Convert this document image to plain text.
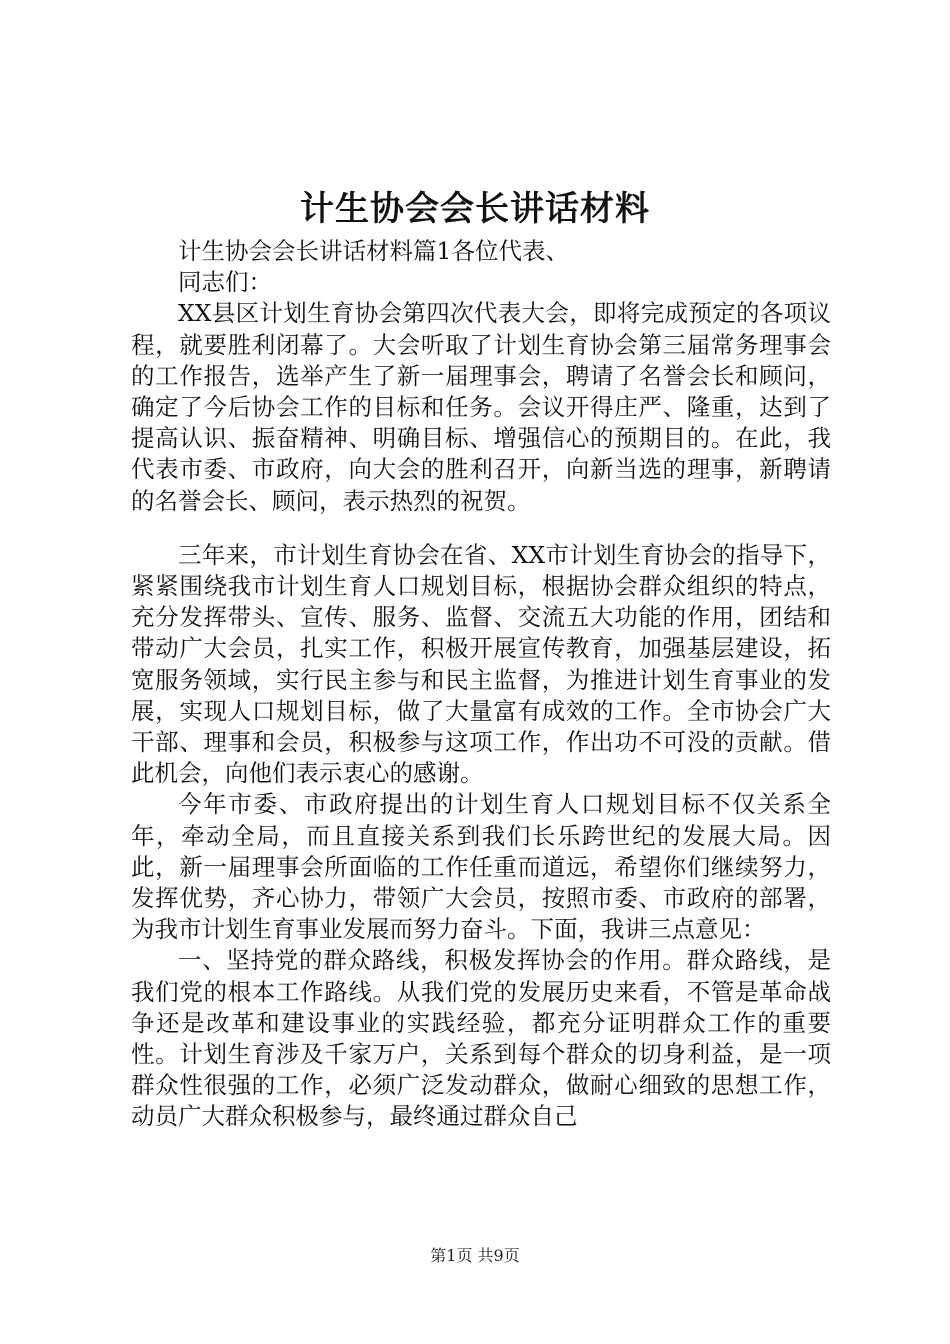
计生协会会长讲话材料

计生协会会长讲话材料篇1各位代表、

同志们：

XX县区计划生育协会第四次代表大会，即将完成预定的各项议程，就要胜利闭幕了。大会听取了计划生育协会第三届常务理事会的工作报告，选举产生了新一届理事会，聘请了名誉会长和顾问，确定了今后协会工作的目标和任务。会议开得庄严、隆重，达到了提高认识、振奋精神、明确目标、增强信心的预期目的。在此，我代表市委、市政府，向大会的胜利召开，向新当选的理事，新聘请的名誉会长、顾问，表示热烈的祝贺。

三年来，市计划生育协会在省、XX市计划生育协会的指导下，紧紧围绕我市计划生育人口规划目标，根据协会群众组织的特点，充分发挥带头、宣传、服务、监督、交流五大功能的作用，团结和带动广大会员，扎实工作，积极开展宣传教育，加强基层建设，拓宽服务领域，实行民主参与和民主监督，为推进计划生育事业的发展，实现人口规划目标，做了大量富有成效的工作。全市协会广大干部、理事和会员，积极参与这项工作，作出功不可没的贡献。借此机会，向他们表示衷心的感谢。

今年市委、市政府提出的计划生育人口规划目标不仅关系全年，牵动全局，而且直接关系到我们长乐跨世纪的发展大局。因此，新一届理事会所面临的工作任重而道远，希望你们继续努力，发挥优势，齐心协力，带领广大会员，按照市委、市政府的部署，为我市计划生育事业发展而努力奋斗。下面，我讲三点意见：

一、坚持党的群众路线，积极发挥协会的作用。群众路线，是我们党的根本工作路线。从我们党的发展历史来看，不管是革命战争还是改革和建设事业的实践经验，都充分证明群众工作的重要性。计划生育涉及千家万户，关系到每个群众的切身利益，是一项群众性很强的工作，必须广泛发动群众，做耐心细致的思想工作，动员广大群众积极参与，最终通过群众自己

第1页 共9页
